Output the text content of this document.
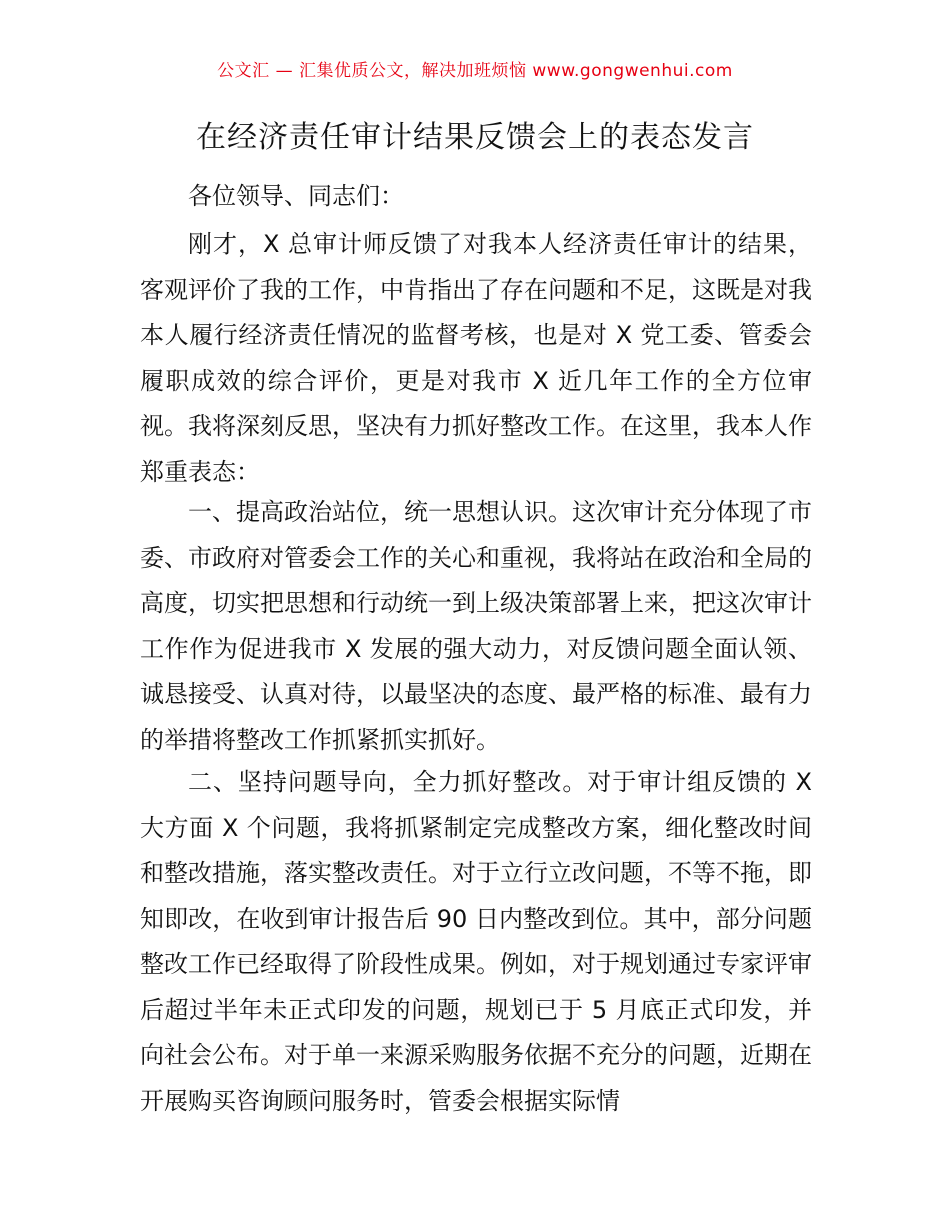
公文汇 — 汇集优质公文，解决加班烦恼 www.gongwenhui.com
在经济责任审计结果反馈会上的表态发言
各位领导、同志们：

刚才，X 总审计师反馈了对我本人经济责任审计的结果，客观评价了我的工作，中肯指出了存在问题和不足，这既是对我本人履行经济责任情况的监督考核，也是对 X 党工委、管委会履职成效的综合评价，更是对我市 X 近几年工作的全方位审视。我将深刻反思，坚决有力抓好整改工作。在这里，我本人作郑重表态：

一、提高政治站位，统一思想认识。这次审计充分体现了市委、市政府对管委会工作的关心和重视，我将站在政治和全局的高度，切实把思想和行动统一到上级决策部署上来，把这次审计工作作为促进我市 X 发展的强大动力，对反馈问题全面认领、诚恳接受、认真对待，以最坚决的态度、最严格的标准、最有力的举措将整改工作抓紧抓实抓好。

二、坚持问题导向，全力抓好整改。对于审计组反馈的 X 大方面 X 个问题，我将抓紧制定完成整改方案，细化整改时间和整改措施，落实整改责任。对于立行立改问题，不等不拖，即知即改，在收到审计报告后 90 日内整改到位。其中，部分问题整改工作已经取得了阶段性成果。例如，对于规划通过专家评审后超过半年未正式印发的问题，规划已于 5 月底正式印发，并向社会公布。对于单一来源采购服务依据不充分的问题，近期在开展购买咨询顾问服务时，管委会根据实际情
